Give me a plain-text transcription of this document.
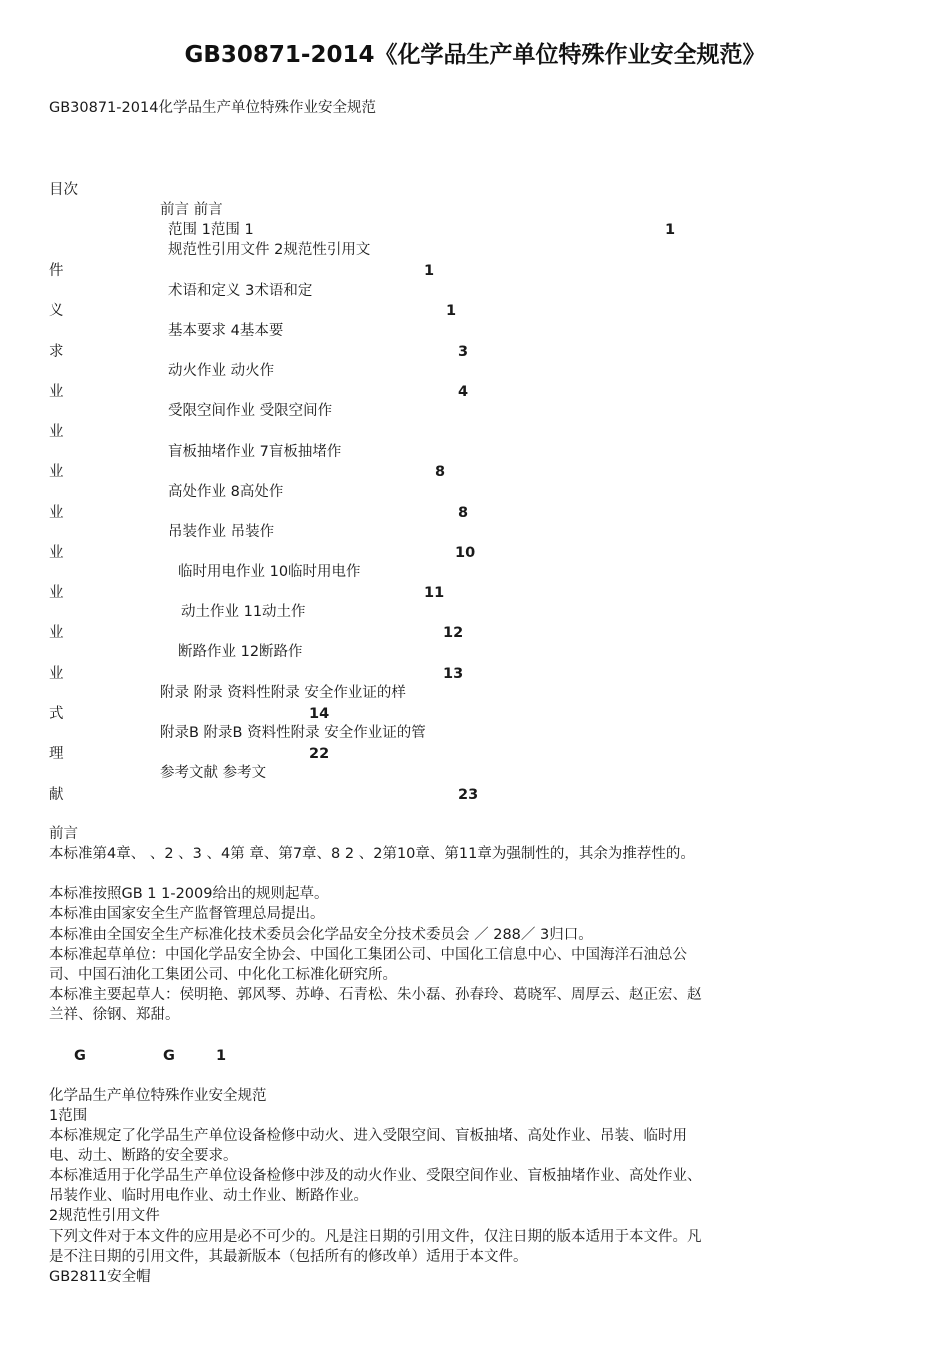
GB30871-2014《化学品生产单位特殊作业安全规范》
GB30871-2014化学品生产单位特殊作业安全规范
目次
前言 前言
范围 1范围 1	1
规范性引用文件 2规范性引用文
件	1
术语和定义 3术语和定
义	1
基本要求 4基本要
求	3
动火作业 动火作
业	4
受限空间作业 受限空间作
业
盲板抽堵作业 7盲板抽堵作
业	8
高处作业 8高处作
业	8
吊装作业 吊装作
业	10
临时用电作业 10临时用电作
业	11
动土作业 11动土作
业	12
断路作业 12断路作
业	13
附录 附录 资料性附录 安全作业证的样
式	14
附录B 附录B 资料性附录 安全作业证的管
理	22
参考文献 参考文
献	23
前言
本标准第4章、 、2 、3 、4第 章、第7章、8 2 、2第10章、第11章为强制性的，其余为推荐性的。
本标准按照GB 1 1-2009给出的规则起草。
本标准由国家安全生产监督管理总局提出。
本标准由全国安全生产标准化技术委员会化学品安全分技术委员会 ／ 288／ 3归口。
本标准起草单位：中国化学品安全协会、中国化工集团公司、中国化工信息中心、中国海洋石油总公司、中国石油化工集团公司、中化化工标准化研究所。
本标准主要起草人：侯明艳、郭风琴、苏峥、石青松、朱小磊、孙春玲、葛晓军、周厚云、赵正宏、赵兰祥、徐钢、郑甜。
G	G	1
化学品生产单位特殊作业安全规范
1范围
本标准规定了化学品生产单位设备检修中动火、进入受限空间、盲板抽堵、高处作业、吊装、临时用电、动土、断路的安全要求。
本标准适用于化学品生产单位设备检修中涉及的动火作业、受限空间作业、盲板抽堵作业、高处作业、吊装作业、临时用电作业、动土作业、断路作业。
2规范性引用文件
下列文件对于本文件的应用是必不可少的。凡是注日期的引用文件，仅注日期的版本适用于本文件。凡是不注日期的引用文件，其最新版本（包括所有的修改单）适用于本文件。
GB2811安全帽
